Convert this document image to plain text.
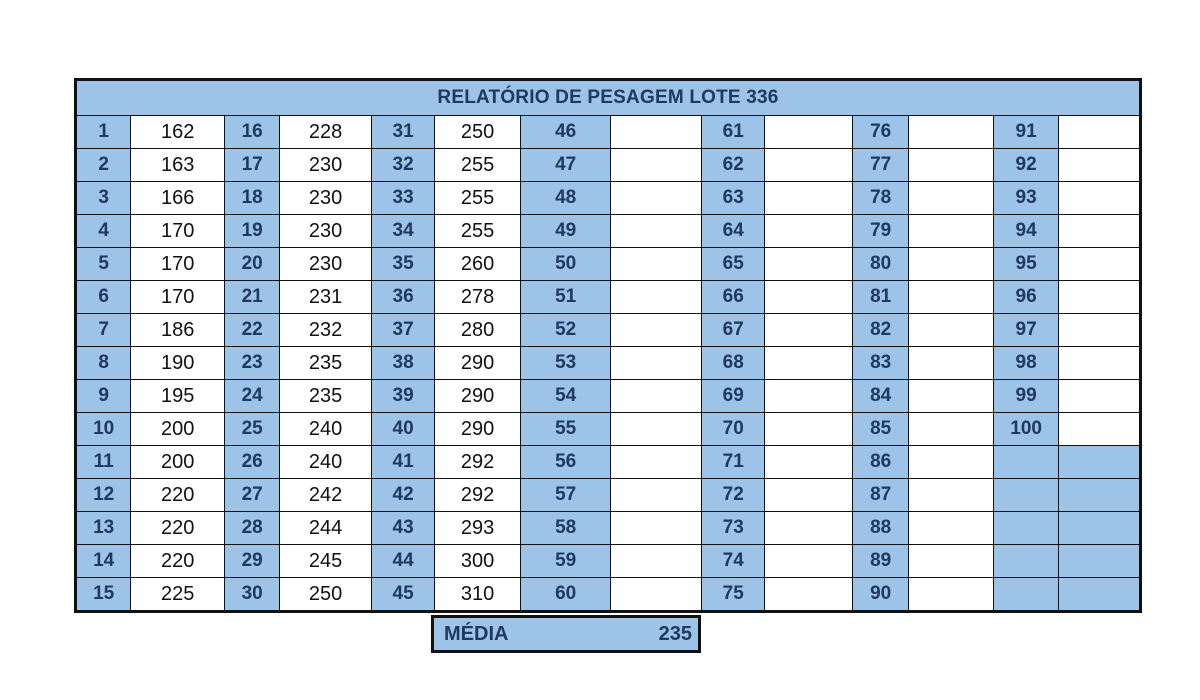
RELATÓRIO DE PESAGEM LOTE 336													
1	162	16	228	31	250	46		61		76		91	
2	163	17	230	32	255	47		62		77		92	
3	166	18	230	33	255	48		63		78		93	
4	170	19	230	34	255	49		64		79		94	
5	170	20	230	35	260	50		65		80		95	
6	170	21	231	36	278	51		66		81		96	
7	186	22	232	37	280	52		67		82		97	
8	190	23	235	38	290	53		68		83		98	
9	195	24	235	39	290	54		69		84		99	
10	200	25	240	40	290	55		70		85		100	
11	200	26	240	41	292	56		71		86			
12	220	27	242	42	292	57		72		87			
13	220	28	244	43	293	58		73		88			
14	220	29	245	44	300	59		74		89			
15	225	30	250	45	310	60		75		90			
MÉDIA	235
